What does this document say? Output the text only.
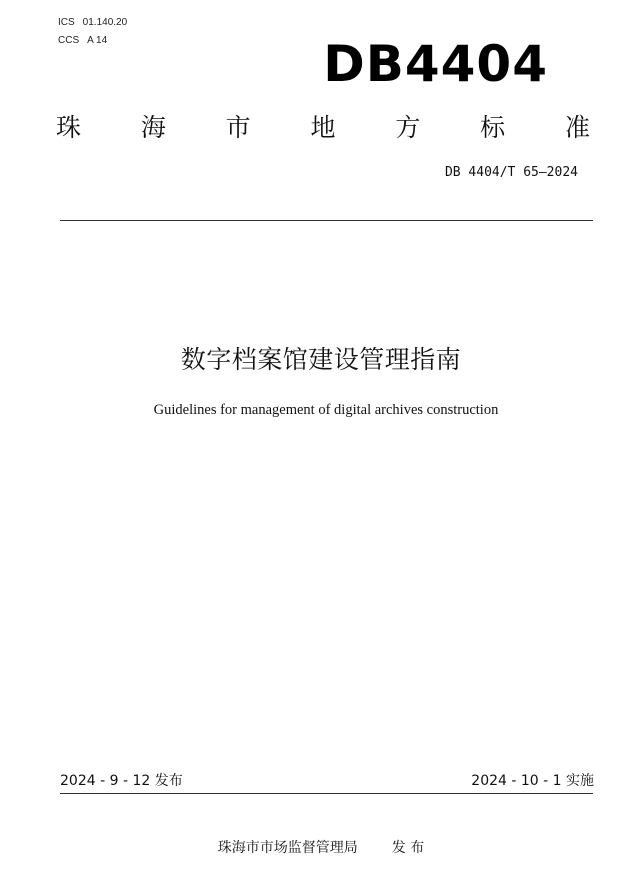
ICS 01.140.20
CCS A 14	DB4404
珠 海 市 地 方 标 准
DB 4404/T 65—2024
数字档案馆建设管理指南
Guidelines for management of digital archives construction
2024 - 9 - 12 发布	2024 - 10 - 1 实施
珠海市市场监督管理局 发 布
